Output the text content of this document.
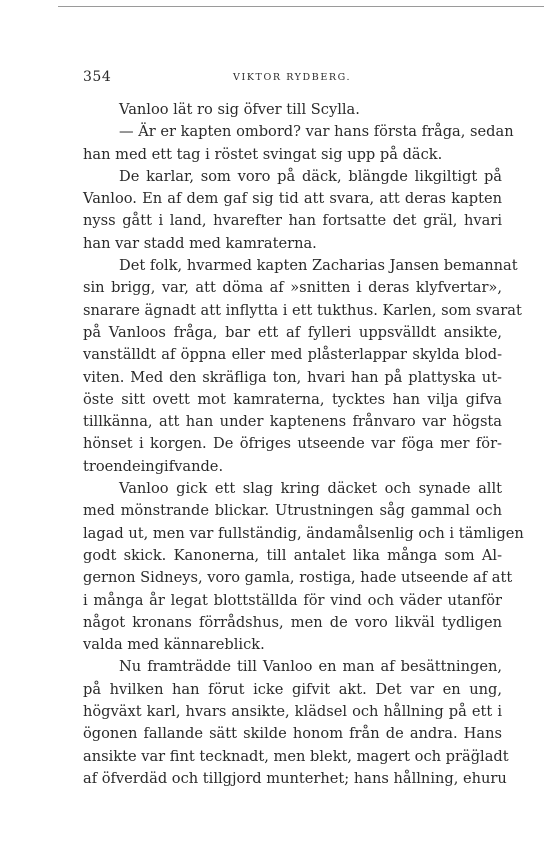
354	VIKTOR RYDBERG.
Vanloo lät ro sig öfver till Scylla.
— Är er kapten ombord? var hans första fråga, sedan
han med ett tag i röstet svingat sig upp på däck.
De karlar, som voro på däck, blängde likgiltigt på
Vanloo. En af dem gaf sig tid att svara, att deras kapten
nyss gått i land, hvarefter han fortsatte det gräl, hvari
han var stadd med kamraterna.
Det folk, hvarmed kapten Zacharias Jansen bemannat
sin brigg, var, att döma af »snitten i deras klyfvertar»,
snarare ägnadt att inflytta i ett tukthus. Karlen, som svarat
på Vanloos fråga, bar ett af fylleri uppsvälldt ansikte,
vanställdt af öppna eller med plåsterlappar skylda blod-
viten. Med den skräfliga ton, hvari han på plattyska ut-
öste sitt ovett mot kamraterna, tycktes han vilja gifva
tillkänna, att han under kaptenens frånvaro var högsta
hönset i korgen. De öfriges utseende var föga mer för-
troendeingifvande.
Vanloo gick ett slag kring däcket och synade allt
med mönstrande blickar. Utrustningen såg gammal och
lagad ut, men var fullständig, ändamålsenlig och i tämligen
godt skick. Kanonerna, till antalet lika många som Al-
gernon Sidneys, voro gamla, rostiga, hade utseende af att
i många år legat blottställda för vind och väder utanför
något kronans förrådshus, men de voro likväl tydligen
valda med kännareblick.
Nu framträdde till Vanloo en man af besättningen,
på hvilken han förut icke gifvit akt. Det var en ung,
högväxt karl, hvars ansikte, klädsel och hållning på ett i
ögonen fallande sätt skilde honom från de andra. Hans
ansikte var fint tecknadt, men blekt, magert och präg̈ladt
af öfverdäd och tillgjord munterhet; hans hållning, ehuru
